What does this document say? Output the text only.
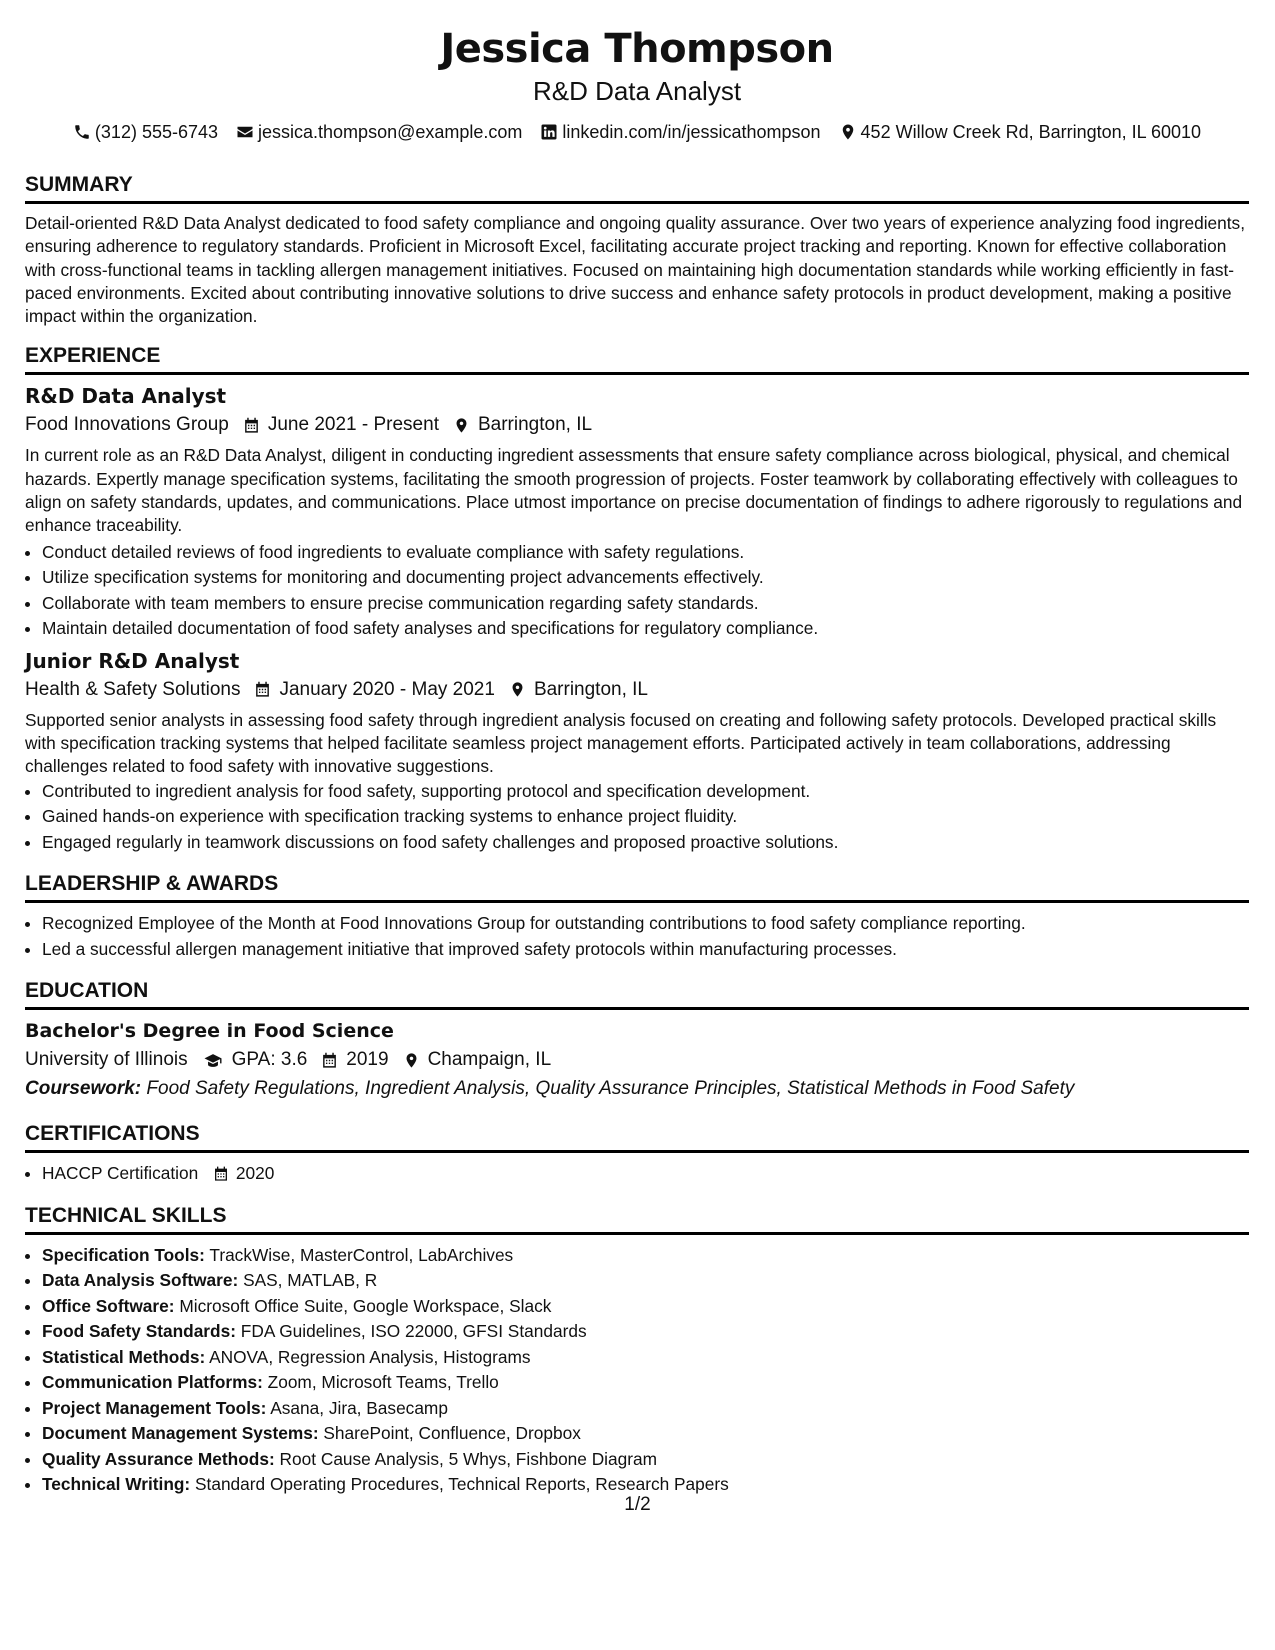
Jessica Thompson
R&D Data Analyst
(312) 555-6743 jessica.thompson@example.com linkedin.com/in/jessicathompson 452 Willow Creek Rd, Barrington, IL 60010
SUMMARY
Detail-oriented R&D Data Analyst dedicated to food safety compliance and ongoing quality assurance. Over two years of experience analyzing food ingredients, ensuring adherence to regulatory standards. Proficient in Microsoft Excel, facilitating accurate project tracking and reporting. Known for effective collaboration with cross-functional teams in tackling allergen management initiatives. Focused on maintaining high documentation standards while working efficiently in fast-paced environments. Excited about contributing innovative solutions to drive success and enhance safety protocols in product development, making a positive impact within the organization.
EXPERIENCE
R&D Data Analyst
Food Innovations Group June 2021 - Present Barrington, IL
In current role as an R&D Data Analyst, diligent in conducting ingredient assessments that ensure safety compliance across biological, physical, and chemical hazards. Expertly manage specification systems, facilitating the smooth progression of projects. Foster teamwork by collaborating effectively with colleagues to align on safety standards, updates, and communications. Place utmost importance on precise documentation of findings to adhere rigorously to regulations and enhance traceability.
• Conduct detailed reviews of food ingredients to evaluate compliance with safety regulations.
• Utilize specification systems for monitoring and documenting project advancements effectively.
• Collaborate with team members to ensure precise communication regarding safety standards.
• Maintain detailed documentation of food safety analyses and specifications for regulatory compliance.
Junior R&D Analyst
Health & Safety Solutions January 2020 - May 2021 Barrington, IL
Supported senior analysts in assessing food safety through ingredient analysis focused on creating and following safety protocols. Developed practical skills with specification tracking systems that helped facilitate seamless project management efforts. Participated actively in team collaborations, addressing challenges related to food safety with innovative suggestions.
• Contributed to ingredient analysis for food safety, supporting protocol and specification development.
• Gained hands-on experience with specification tracking systems to enhance project fluidity.
• Engaged regularly in teamwork discussions on food safety challenges and proposed proactive solutions.
LEADERSHIP & AWARDS
• Recognized Employee of the Month at Food Innovations Group for outstanding contributions to food safety compliance reporting.
• Led a successful allergen management initiative that improved safety protocols within manufacturing processes.
EDUCATION
Bachelor's Degree in Food Science
University of Illinois GPA: 3.6 2019 Champaign, IL
Coursework: Food Safety Regulations, Ingredient Analysis, Quality Assurance Principles, Statistical Methods in Food Safety
CERTIFICATIONS
• HACCP Certification 2020
TECHNICAL SKILLS
• Specification Tools: TrackWise, MasterControl, LabArchives
• Data Analysis Software: SAS, MATLAB, R
• Office Software: Microsoft Office Suite, Google Workspace, Slack
• Food Safety Standards: FDA Guidelines, ISO 22000, GFSI Standards
• Statistical Methods: ANOVA, Regression Analysis, Histograms
• Communication Platforms: Zoom, Microsoft Teams, Trello
• Project Management Tools: Asana, Jira, Basecamp
• Document Management Systems: SharePoint, Confluence, Dropbox
• Quality Assurance Methods: Root Cause Analysis, 5 Whys, Fishbone Diagram
• Technical Writing: Standard Operating Procedures, Technical Reports, Research Papers
1/2
